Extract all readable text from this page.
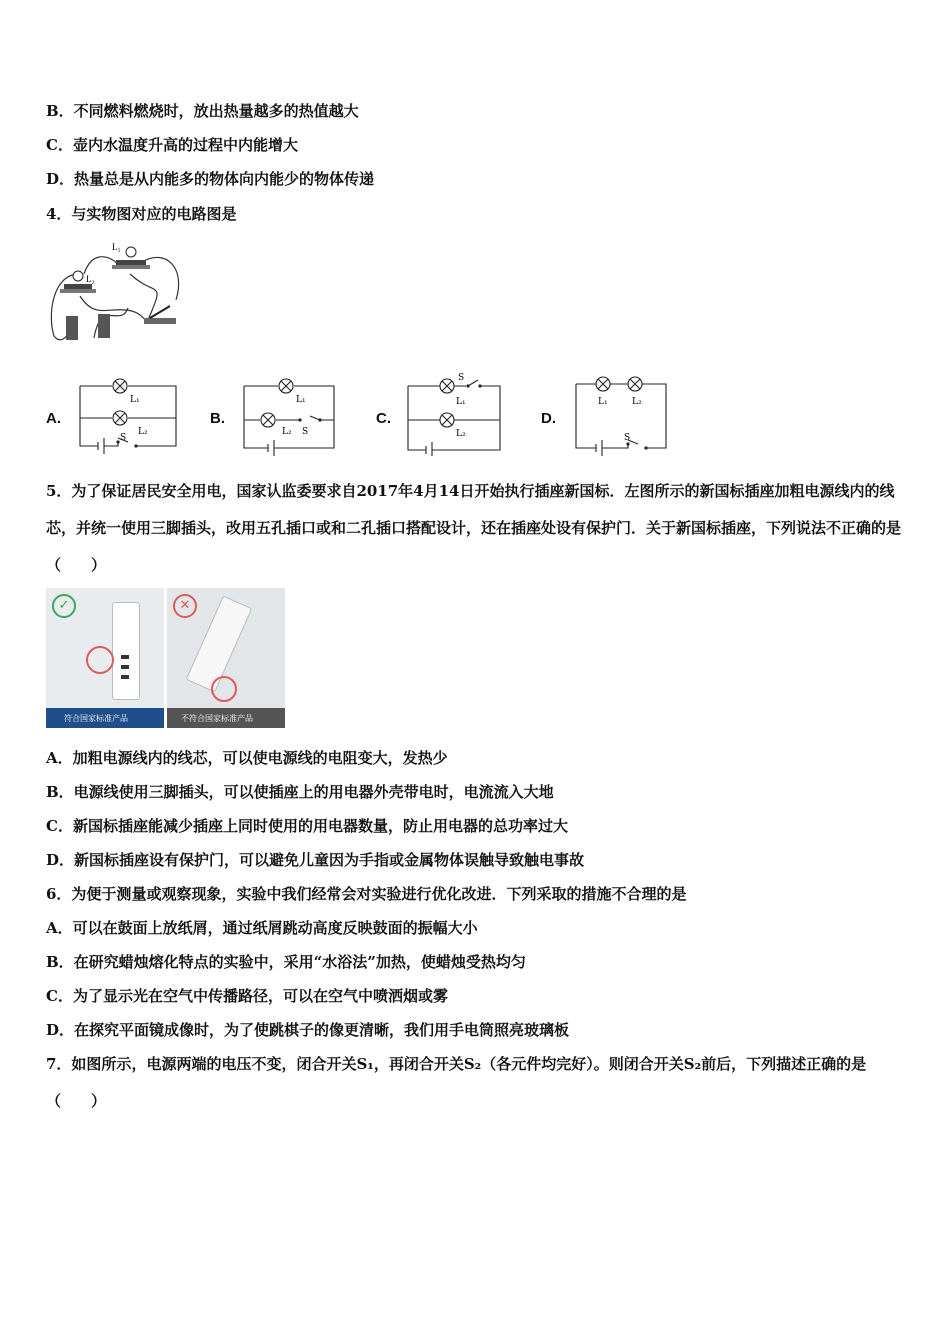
B．不同燃料燃烧时，放出热量越多的热值越大
C．壶内水温度升高的过程中内能增大
D．热量总是从内能多的物体向内能少的物体传递
4．与实物图对应的电路图是
L₁
L₂
A.
L₁
L₂
S
B.
L₁
L₂ S
C.
S
L₁
L₂
D.
L₁	L₂
S
5．为了保证居民安全用电，国家认监委要求自2017年4月14日开始执行插座新国标．左图所示的新国标插座加粗电源线内的线芯，并统一使用三脚插头，改用五孔插口或和二孔插口搭配设计，还在插座处设有保护门．关于新国标插座，下列说法不正确的是（　　）
✓
符合国家标准产品
✕
不符合国家标准产品
A．加粗电源线内的线芯，可以使电源线的电阻变大，发热少
B．电源线使用三脚插头，可以使插座上的用电器外壳带电时，电流流入大地
C．新国标插座能减少插座上同时使用的用电器数量，防止用电器的总功率过大
D．新国标插座设有保护门，可以避免儿童因为手指或金属物体误触导致触电事故
6．为便于测量或观察现象，实验中我们经常会对实验进行优化改进．下列采取的措施不合理的是
A．可以在鼓面上放纸屑，通过纸屑跳动高度反映鼓面的振幅大小
B．在研究蜡烛熔化特点的实验中，采用“水浴法”加热，使蜡烛受热均匀
C．为了显示光在空气中传播路径，可以在空气中喷洒烟或雾
D．在探究平面镜成像时，为了使跳棋子的像更清晰，我们用手电筒照亮玻璃板
7．如图所示，电源两端的电压不变，闭合开关S₁，再闭合开关S₂（各元件均完好）。则闭合开关S₂前后，下列描述正确的是（　　）
